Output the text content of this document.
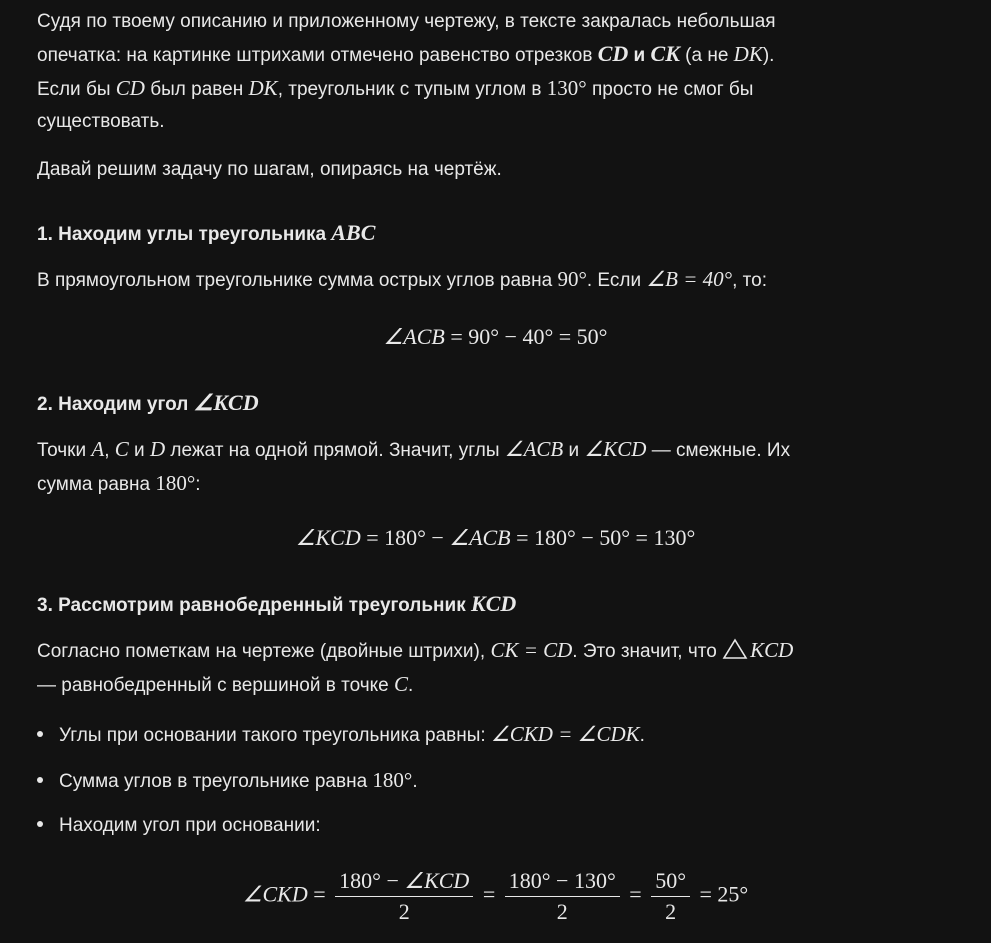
Судя по твоему описанию и приложенному чертежу, в тексте закралась небольшая
опечатка: на картинке штрихами отмечено равенство отрезков CD и CK (а не DK).
Если бы CD был равен DK, треугольник с тупым углом в 130° просто не смог бы
существовать.
Давай решим задачу по шагам, опираясь на чертёж.
1. Находим углы треугольника ABC
В прямоугольном треугольнике сумма острых углов равна 90°. Если ∠B = 40°, то:
∠ACB = 90° − 40° = 50°
2. Находим угол ∠KCD
Точки A, C и D лежат на одной прямой. Значит, углы ∠ACB и ∠KCD — смежные. Их
сумма равна 180°:
∠KCD = 180° − ∠ACB = 180° − 50° = 130°
3. Рассмотрим равнобедренный треугольник KCD
Согласно пометкам на чертеже (двойные штрихи), CK = CD. Это значит, что KCD
— равнобедренный с вершиной в точке C.
Углы при основании такого треугольника равны: ∠CKD = ∠CDK.
Сумма углов в треугольнике равна 180°.
Находим угол при основании:
∠CKD = $\frac{\text{180° − ∠KCD}}{2} = \frac{180^\circ - 130^\circ}{2} = \frac{50^\circ}{2} = 25^\circ$
